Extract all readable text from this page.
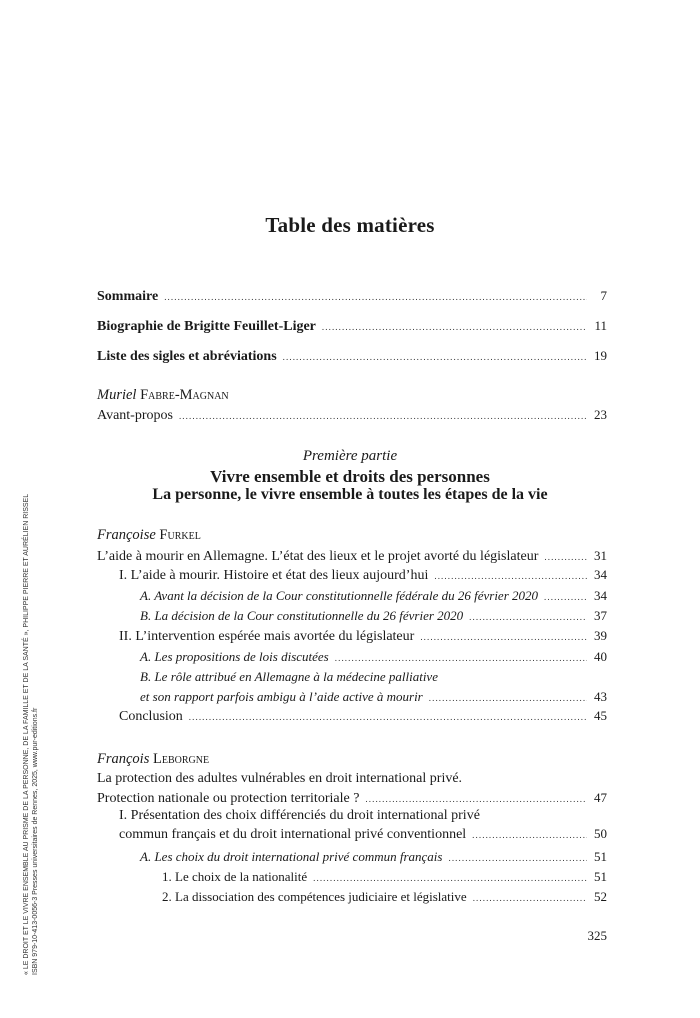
Table des matières
Sommaire .....	7
Biographie de Brigitte Feuillet-Liger .....	11
Liste des sigles et abréviations .....	19
Muriel Fabre-Magnan
Avant-propos .....	23
Première partie
Vivre ensemble et droits des personnes
La personne, le vivre ensemble à toutes les étapes de la vie
Françoise Furkel
L’aide à mourir en Allemagne. L’état des lieux et le projet avorté du législateur .....	31
I. L’aide à mourir. Histoire et état des lieux aujourd’hui .....	34
A. Avant la décision de la Cour constitutionnelle fédérale du 26 février 2020 .....	34
B. La décision de la Cour constitutionnelle du 26 février 2020 .....	37
II. L’intervention espérée mais avortée du législateur .....	39
A. Les propositions de lois discutées .....	40
B. Le rôle attribué en Allemagne à la médecine palliative
et son rapport parfois ambigu à l’aide active à mourir .....	43
Conclusion .....	45
François Leborgne
La protection des adultes vulnérables en droit international privé.
Protection nationale ou protection territoriale ? .....	47
I. Présentation des choix différenciés du droit international privé
commun français et du droit international privé conventionnel .....	50
A. Les choix du droit international privé commun français .....	51
1. Le choix de la nationalité .....	51
2. La dissociation des compétences judiciaire et législative .....	52
325
« LE DROIT ET LE VIVRE ENSEMBLE AU PRISME DE LA PERSONNE, DE LA FAMILLE ET DE LA SANTÉ », PHILIPPE PIERRE ET AURÉLIEN RISSEL ISBN 979-10-413-0056-3 Presses universitaires de Rennes, 2025, www.pur-editions.fr
